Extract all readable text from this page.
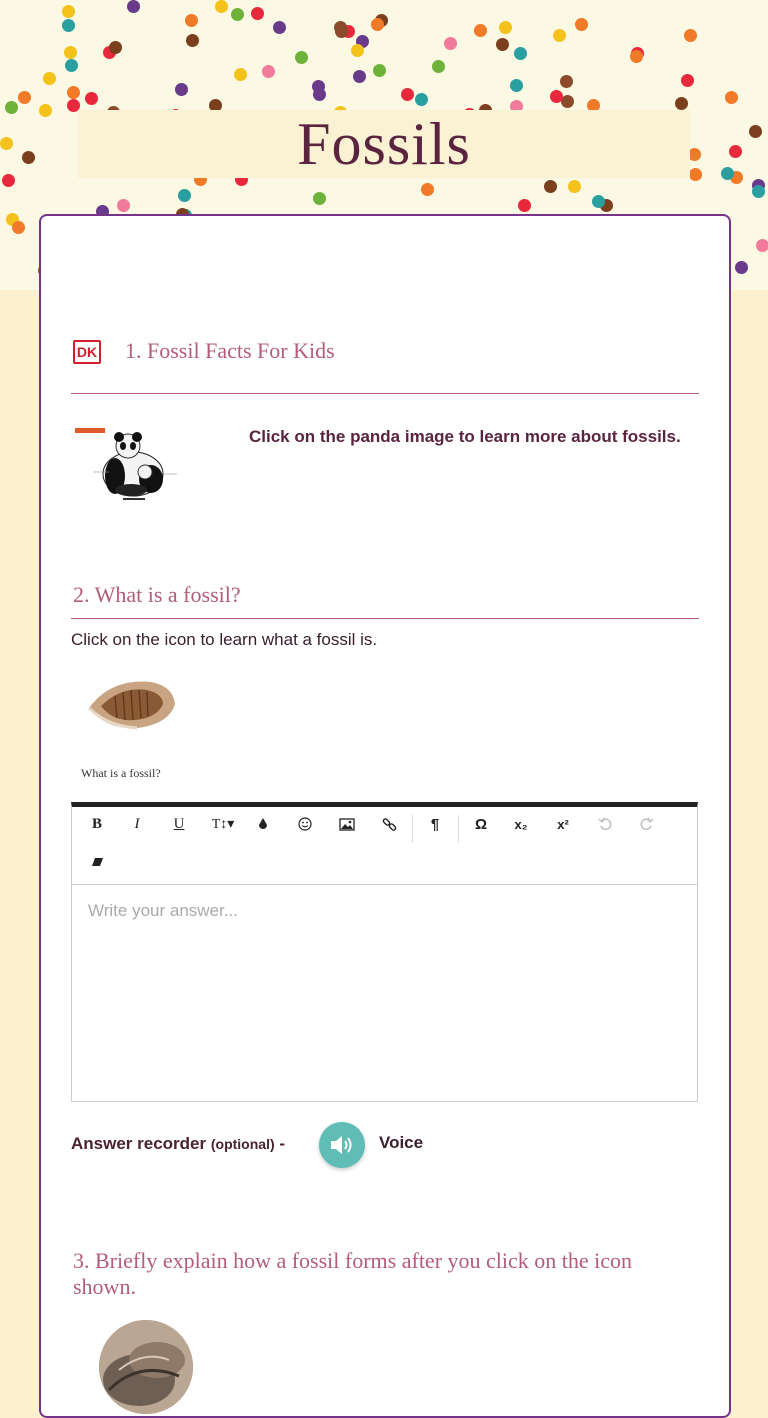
Fossils
DK 1. Fossil Facts For Kids
Click on the panda image to learn more about fossils.
2. What is a fossil?
Click on the icon to learn what a fossil is.
What is a fossil?
B	I	U	T↕▾	¶	Ω	x₂	x²
Write your answer...
Answer recorder (optional) -	Voice
3. Briefly explain how a fossil forms after you click on the icon shown.
